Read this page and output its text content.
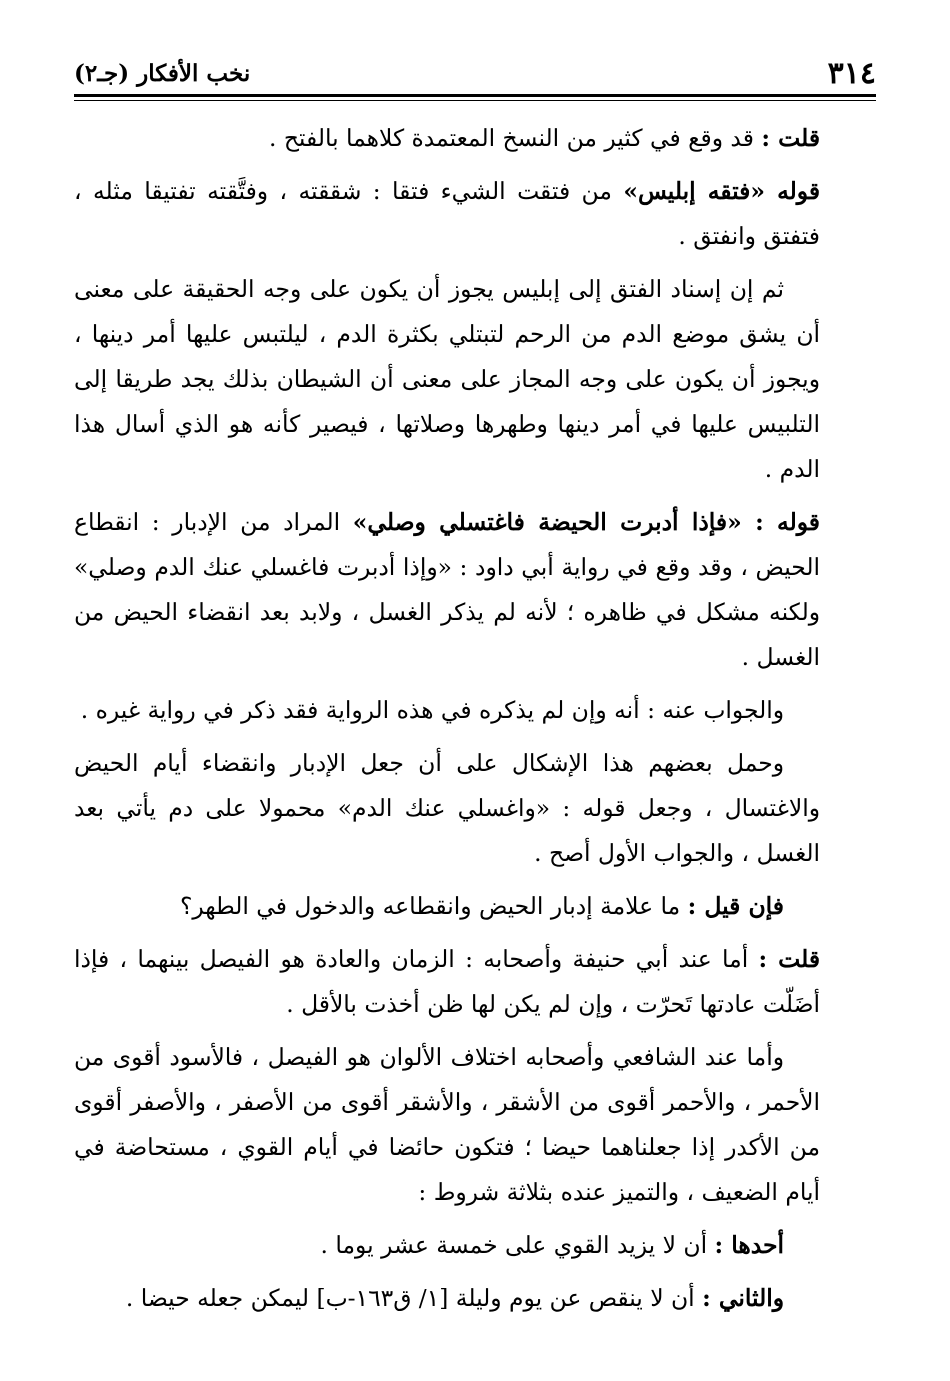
٣١٤
نخب الأفكار (جـ٢)

قلت : قد وقع في كثير من النسخ المعتمدة كلاهما بالفتح .

قوله «فتقه إبليس» من فتقت الشيء فتقا : شققته ، وفتَّقته تفتيقا مثله ، فتفتق وانفتق .

ثم إن إسناد الفتق إلى إبليس يجوز أن يكون على وجه الحقيقة على معنى أن يشق موضع الدم من الرحم لتبتلي بكثرة الدم ، ليلتبس عليها أمر دينها ، ويجوز أن يكون على وجه المجاز على معنى أن الشيطان بذلك يجد طريقا إلى التلبيس عليها في أمر دينها وطهرها وصلاتها ، فيصير كأنه هو الذي أسال هذا الدم .

قوله : «فإذا أدبرت الحيضة فاغتسلي وصلي» المراد من الإدبار : انقطاع الحيض ، وقد وقع في رواية أبي داود : «وإذا أدبرت فاغسلي عنك الدم وصلي» ولكنه مشكل في ظاهره ؛ لأنه لم يذكر الغسل ، ولابد بعد انقضاء الحيض من الغسل .

والجواب عنه : أنه وإن لم يذكره في هذه الرواية فقد ذكر في رواية غيره .

وحمل بعضهم هذا الإشكال على أن جعل الإدبار وانقضاء أيام الحيض والاغتسال ، وجعل قوله : «واغسلي عنك الدم» محمولا على دم يأتي بعد الغسل ، والجواب الأول أصح .

فإن قيل : ما علامة إدبار الحيض وانقطاعه والدخول في الطهر؟

قلت : أما عند أبي حنيفة وأصحابه : الزمان والعادة هو الفيصل بينهما ، فإذا أضَلّت عادتها تَحرّت ، وإن لم يكن لها ظن أخذت بالأقل .

وأما عند الشافعي وأصحابه اختلاف الألوان هو الفيصل ، فالأسود أقوى من الأحمر ، والأحمر أقوى من الأشقر ، والأشقر أقوى من الأصفر ، والأصفر أقوى من الأكدر إذا جعلناهما حيضا ؛ فتكون حائضا في أيام القوي ، مستحاضة في أيام الضعيف ، والتميز عنده بثلاثة شروط :

أحدها : أن لا يزيد القوي على خمسة عشر يوما .

والثاني : أن لا ينقص عن يوم وليلة [١/ ق١٦٣-ب] ليمكن جعله حيضا .
